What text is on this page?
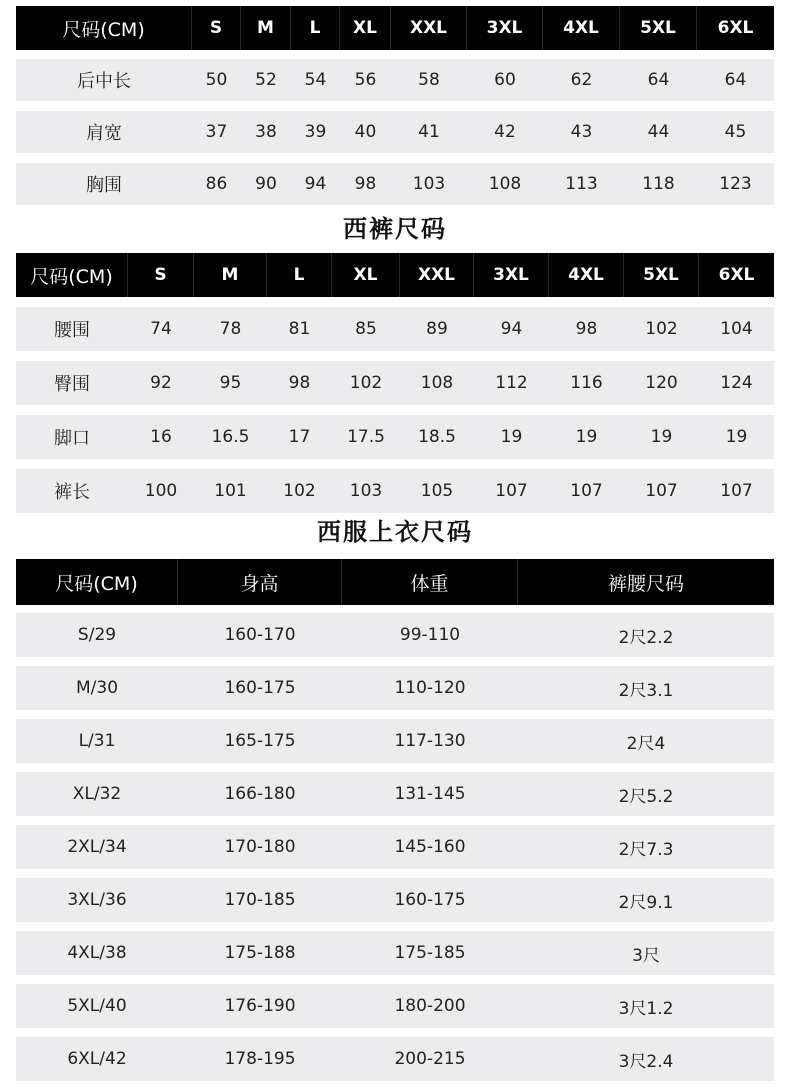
尺码(CM)	S	M	L	XL	XXL	3XL	4XL	5XL	6XL
后中长	50	52	54	56	58	60	62	64	64
肩宽	37	38	39	40	41	42	43	44	45
胸围	86	90	94	98	103	108	113	118	123
西裤尺码
尺码(CM)	S	M	L	XL	XXL	3XL	4XL	5XL	6XL
腰围	74	78	81	85	89	94	98	102	104
臀围	92	95	98	102	108	112	116	120	124
脚口	16	16.5	17	17.5	18.5	19	19	19	19
裤长	100	101	102	103	105	107	107	107	107
西服上衣尺码
尺码(CM)	身高	体重	裤腰尺码
S/29	160-170	99-110	2尺2.2
M/30	160-175	110-120	2尺3.1
L/31	165-175	117-130	2尺4
XL/32	166-180	131-145	2尺5.2
2XL/34	170-180	145-160	2尺7.3
3XL/36	170-185	160-175	2尺9.1
4XL/38	175-188	175-185	3尺
5XL/40	176-190	180-200	3尺1.2
6XL/42	178-195	200-215	3尺2.4
